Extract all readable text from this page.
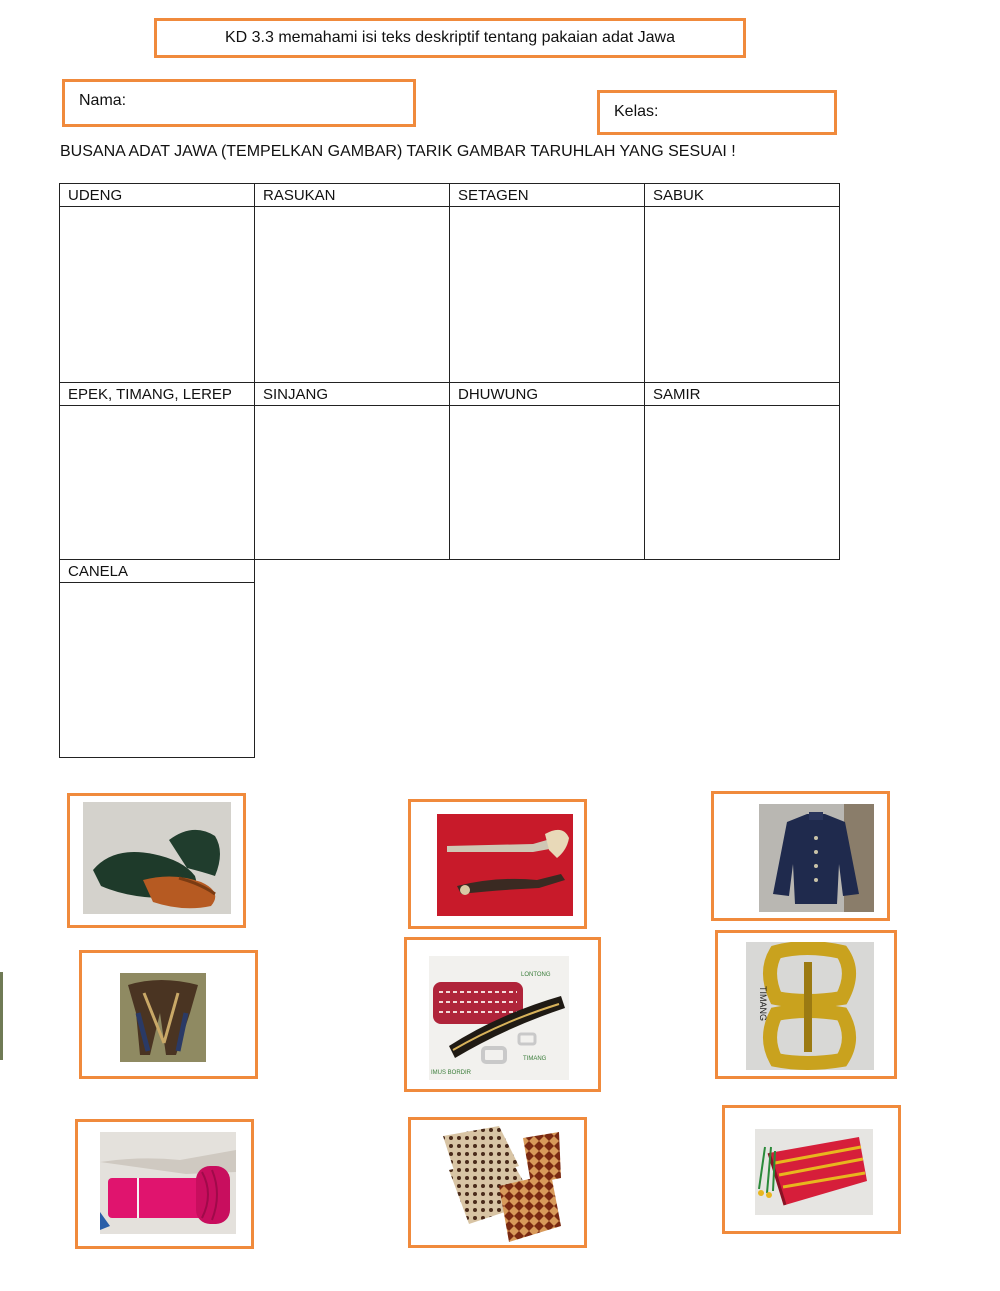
KD 3.3 memahami isi teks deskriptif tentang pakaian adat Jawa
Nama:
Kelas:
BUSANA ADAT JAWA (TEMPELKAN GAMBAR) TARIK GAMBAR TARUHLAH YANG SESUAI !
UDENG	RASUKAN	SETAGEN	SABUK
EPEK, TIMANG, LEREP	SINJANG	DHUWUNG	SAMIR
CANELA
LONTONG
TIMANG
IMUS BORDIR
TIMANG
